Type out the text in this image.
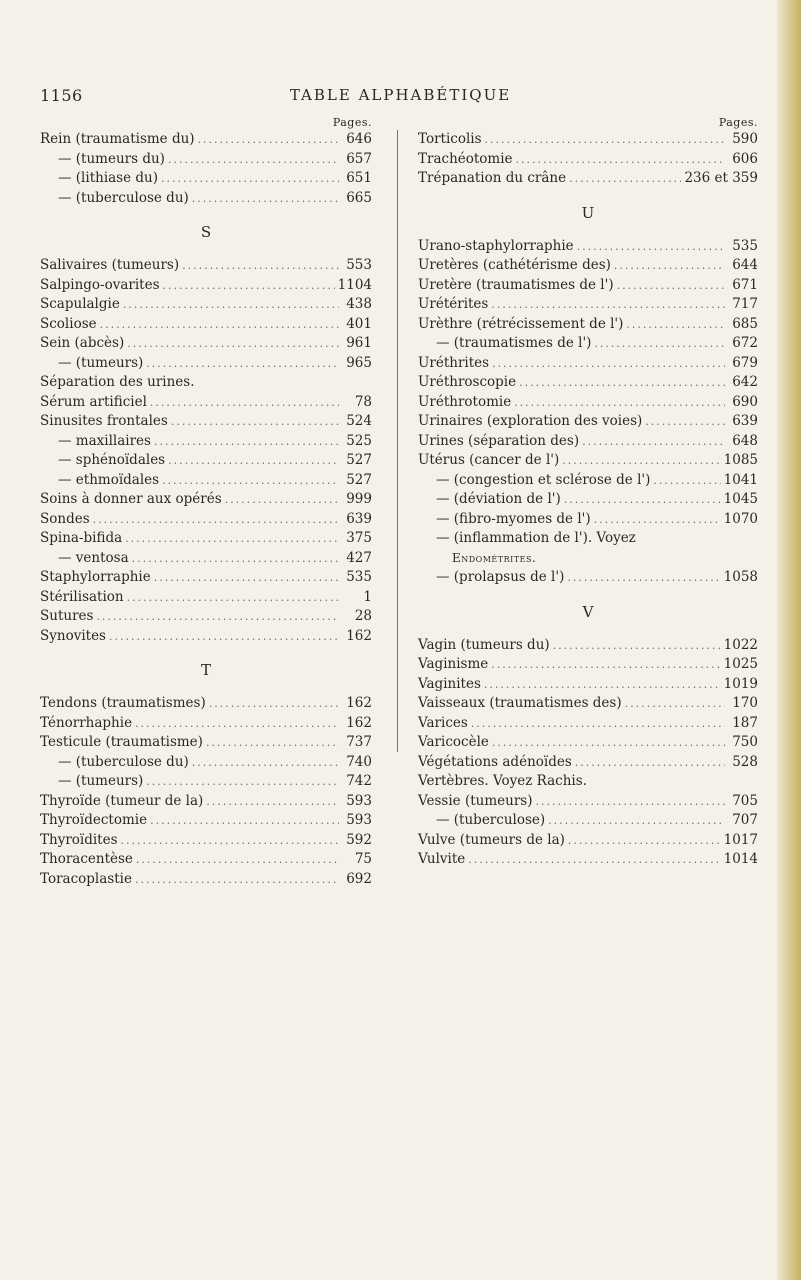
1156	TABLE ALPHABÉTIQUE
Pages.
Rein (traumatisme du) .....	646
— (tumeurs du) .....	657
— (lithiase du) .....	651
— (tuberculose du) .....	665
S
Salivaires (tumeurs) .....	553
Salpingo-ovarites .....	1104
Scapulalgie .....	438
Scoliose .....	401
Sein (abcès) .....	961
— (tumeurs) .....	965
Séparation des urines.
Sérum artificiel .....	78
Sinusites frontales .....	524
— maxillaires .....	525
— sphénoïdales .....	527
— ethmoïdales .....	527
Soins à donner aux opérés .....	999
Sondes .....	639
Spina-bifida .....	375
— ventosa .....	427
Staphylorraphie .....	535
Stérilisation .....	1
Sutures .....	28
Synovites .....	162
T
Tendons (traumatismes) .....	162
Ténorrhaphie .....	162
Testicule (traumatisme) .....	737
— (tuberculose du) .....	740
— (tumeurs) .....	742
Thyroïde (tumeur de la) .....	593
Thyroïdectomie .....	593
Thyroïdites .....	592
Thoracentèse .....	75
Toracoplastie .....	692
Pages.
Torticolis .....	590
Trachéotomie .....	606
Trépanation du crâne .....	236 et 359
U
Urano-staphylorraphie .....	535
Uretères (cathétérisme des) .....	644
Uretère (traumatismes de l') .....	671
Urétérites .....	717
Urèthre (rétrécissement de l') .....	685
— (traumatismes de l') .....	672
Uréthrites .....	679
Uréthroscopie .....	642
Uréthrotomie .....	690
Urinaires (exploration des voies) .....	639
Urines (séparation des) .....	648
Utérus (cancer de l') .....	1085
— (congestion et sclérose de l') .....	1041
— (déviation de l') .....	1045
— (fibro-myomes de l') .....	1070
— (inflammation de l'). Voyez
Endométrites.
— (prolapsus de l') .....	1058
V
Vagin (tumeurs du) .....	1022
Vaginisme .....	1025
Vaginites .....	1019
Vaisseaux (traumatismes des) .....	170
Varices .....	187
Varicocèle .....	750
Végétations adénoïdes .....	528
Vertèbres. Voyez Rachis.
Vessie (tumeurs) .....	705
— (tuberculose) .....	707
Vulve (tumeurs de la) .....	1017
Vulvite .....	1014
